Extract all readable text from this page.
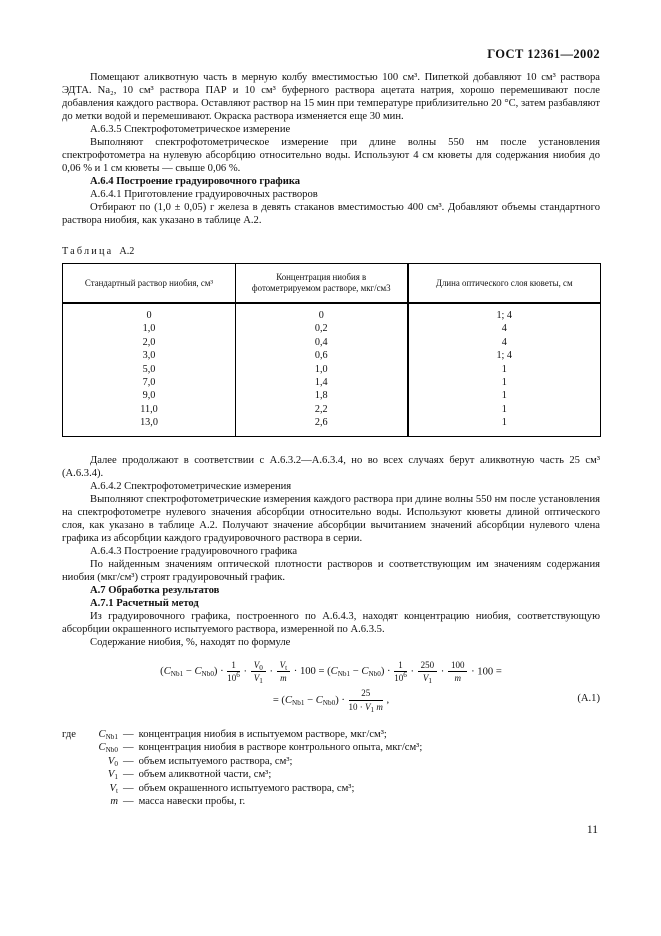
ГОСТ 12361—2002

Помещают аликвотную часть в мерную колбу вместимостью 100 см³. Пипеткой добавляют 10 см³ раствора ЭДТА. Na₂, 10 см³ раствора ПАР и 10 см³ буферного раствора ацетата натрия, хорошо перемешивают после добавления каждого раствора. Оставляют раствор на 15 мин при температуре приблизительно 20 °С, затем разбавляют до метки водой и перемешивают. Окраска раствора изменяется еще 30 мин.

А.6.3.5 Спектрофотометрическое измерение

Выполняют спектрофотометрическое измерение при длине волны 550 нм после установления спектрофотометра на нулевую абсорбцию относительно воды. Используют 4 см кюветы для содержания ниобия до 0,06 % и 1 см кюветы — свыше 0,06 %.

А.6.4 Построение градуировочного графика

А.6.4.1 Приготовление градуировочных растворов

Отбирают по (1,0 ± 0,05) г железа в девять стаканов вместимостью 400 см³. Добавляют объемы стандартного раствора ниобия, как указано в таблице А.2.

Таблица А.2
Стандартный раствор ниобия, см³	Концентрация ниобия в фотометрируемом растворе, мкг/см3	Длина оптического слоя кюветы, см
0	0	1; 4
1,0	0,2	4
2,0	0,4	4
3,0	0,6	1; 4
5,0	1,0	1
7,0	1,4	1
9,0	1,8	1
11,0	2,2	1
13,0	2,6	1

Далее продолжают в соответствии с А.6.3.2—А.6.3.4, но во всех случаях берут аликвотную часть 25 см³ (А.6.3.4).

А.6.4.2 Спектрофотометрические измерения

Выполняют спектрофотометрические измерения каждого раствора при длине волны 550 нм после установления на спектрофотометре нулевого значения абсорбции относительно воды. Используют кюветы длиной оптического слоя, как указано в таблице А.2. Получают значение абсорбции вычитанием значений абсорбции нулевого члена графика из абсорбции каждого градуировочного раствора в серии.

А.6.4.3 Построение градуировочного графика

По найденным значениям оптической плотности растворов и соответствующим им значениям содержания ниобия (мкг/см³) строят градуировочный график.

А.7 Обработка результатов

А.7.1 Расчетный метод

Из градуировочного графика, построенного по А.6.4.3, находят концентрацию ниобия, соответствующую абсорбции окрашенного испытуемого раствора, измеренной по А.6.3.5.

Содержание ниобия, %, находят по формуле

$(C_{Nb1} - C_{Nb0}) \cdot \frac{1}{10^6} \cdot \frac{V_0}{V_1} \cdot \frac{V_t}{m} \cdot 100 = (C_{Nb1} - C_{Nb0}) \cdot \frac{1}{10^6} \cdot \frac{250}{V_1} \cdot \frac{100}{m} \cdot 100$ =
= $(C_{Nb1} - C_{Nb0}) \cdot \frac{25}{10 \cdot V_1 m}$ ,	(А.1)
где	$C_{Nb1}$ — концентрация ниобия в испытуемом растворе, мкг/см³;
$C_{Nb0}$ — концентрация ниобия в растворе контрольного опыта, мкг/см³;
$V_0$ — объем испытуемого раствора, см³;
$V_1$ — объем аликвотной части, см³;
$V_t$ — объем окрашенного испытуемого раствора, см³;
m — масса навески пробы, г.
11
